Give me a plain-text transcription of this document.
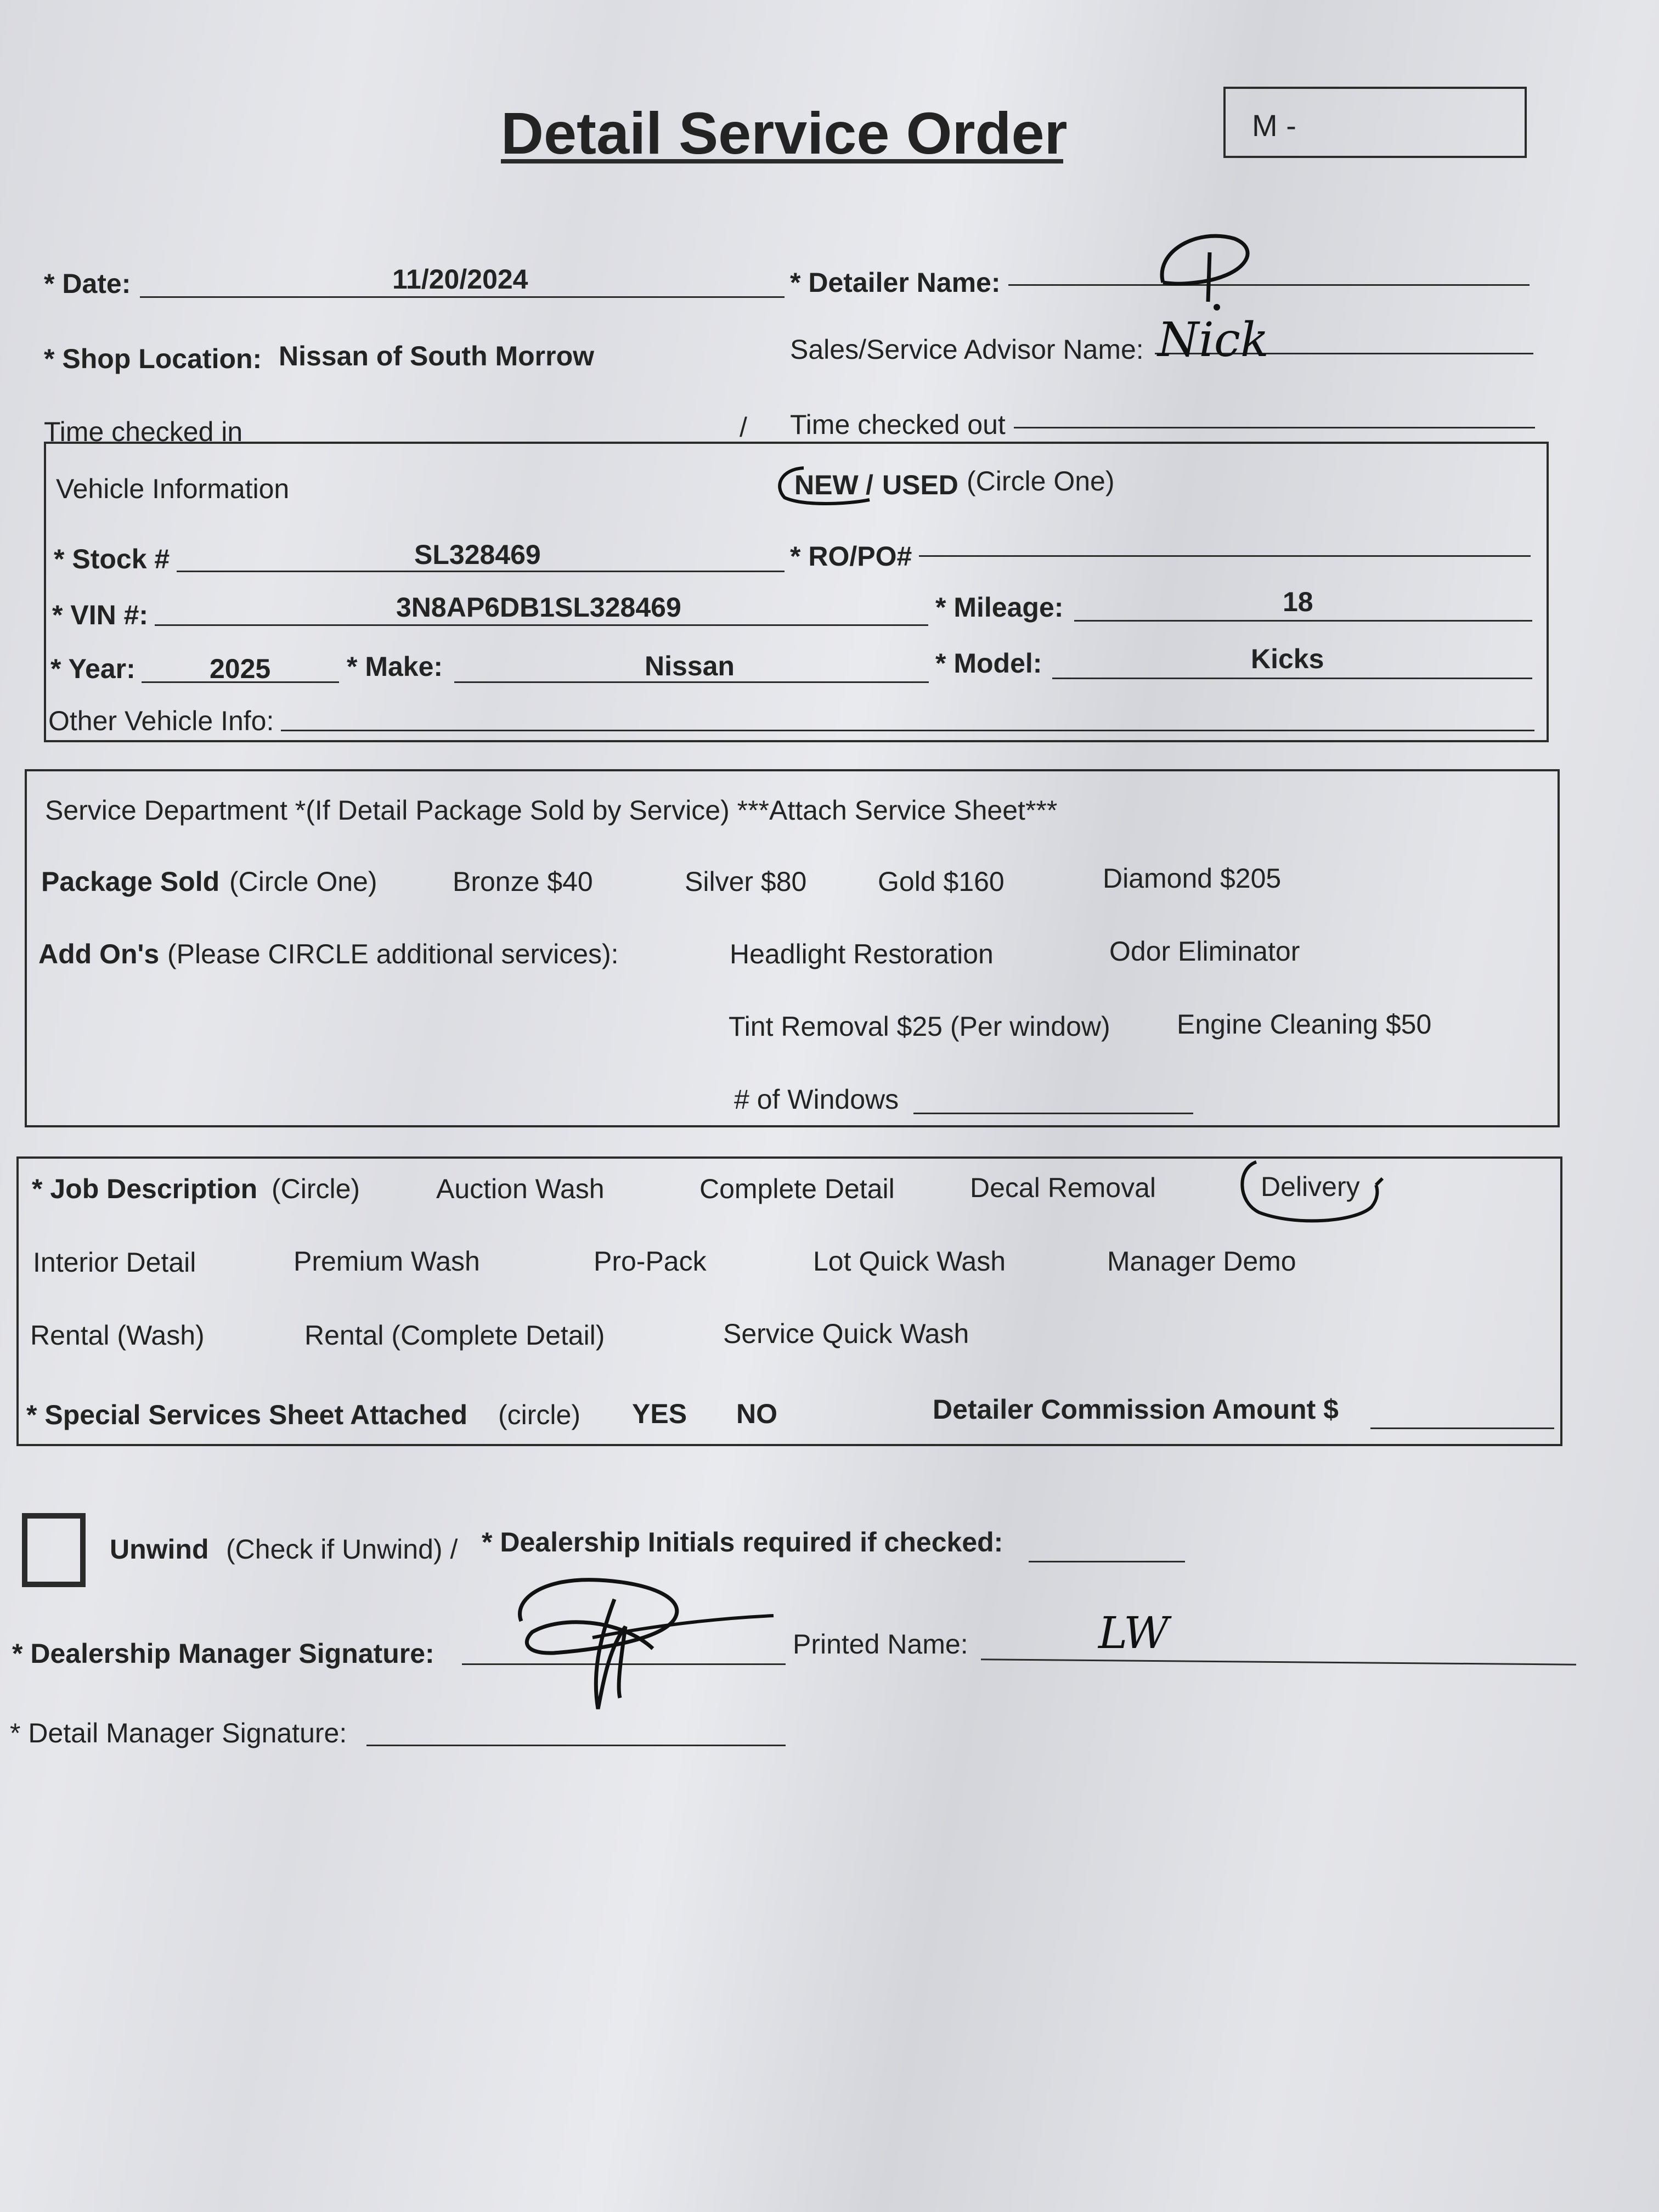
Detail Service Order	M -
* Date:	11/20/2024	* Detailer Name:
* Shop Location: Nissan of South Morrow	Sales/Service Advisor Name: Nick
Time checked in	/ Time checked out
Vehicle Information	NEW / USED (Circle One)
* Stock #	SL328469	* RO/PO#
* VIN #:	3N8AP6DB1SL328469	* Mileage:	18
* Year:	2025	* Make:	Nissan	* Model:	Kicks
Other Vehicle Info:
Service Department *(If Detail Package Sold by Service) ***Attach Service Sheet***
Package Sold (Circle One)	Bronze $40	Silver $80	Gold $160	Diamond $205
Add On's (Please CIRCLE additional services):	Headlight Restoration	Odor Eliminator
Tint Removal $25 (Per window) Engine Cleaning $50
# of Windows
* Job Description (Circle)	Auction Wash	Complete Detail	Decal Removal	Delivery
Interior Detail	Premium Wash	Pro-Pack	Lot Quick Wash	Manager Demo
Rental (Wash)	Rental (Complete Detail)	Service Quick Wash
* Special Services Sheet Attached (circle) YES NO	Detailer Commission Amount $
Unwind (Check if Unwind) / * Dealership Initials required if checked:
* Dealership Manager Signature:	Printed Name:	LW
* Detail Manager Signature:
